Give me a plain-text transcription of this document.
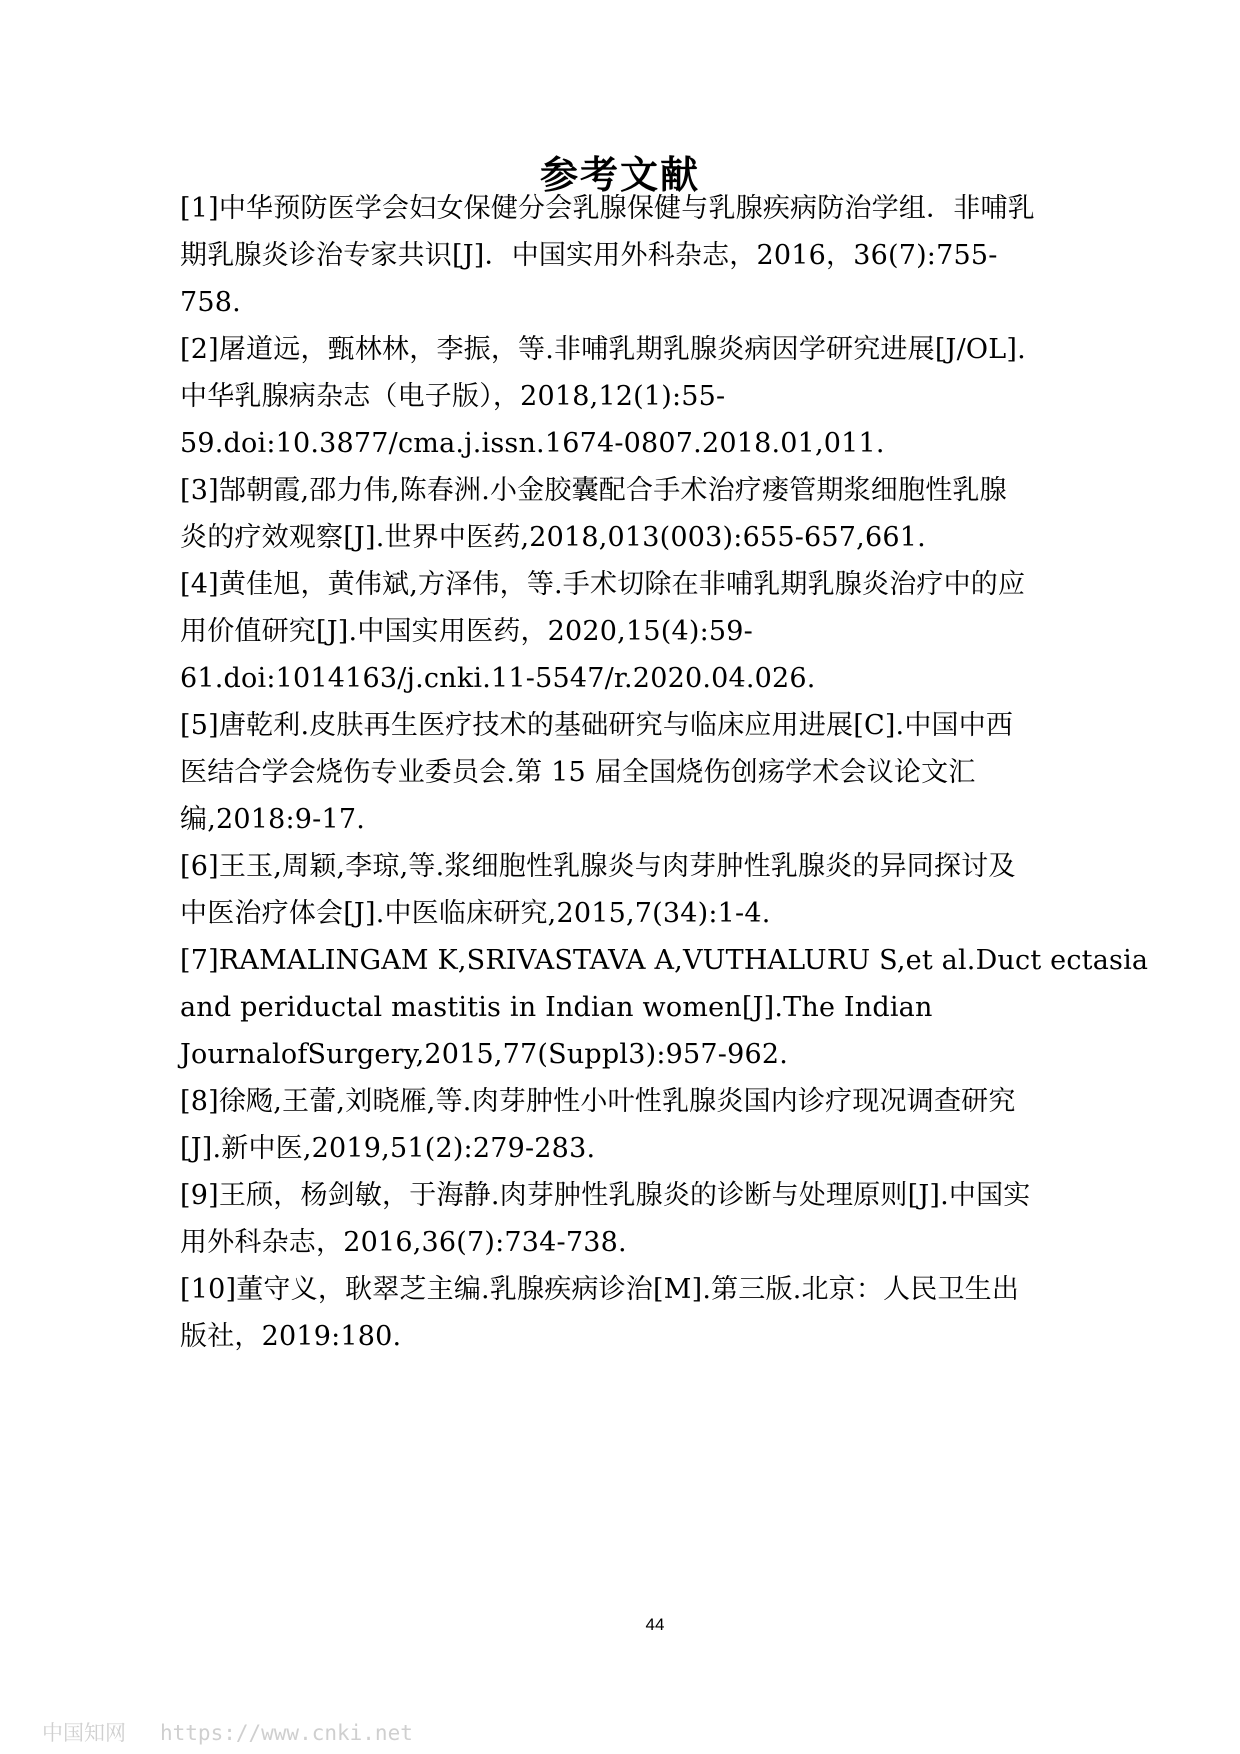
参考文献
[1]中华预防医学会妇女保健分会乳腺保健与乳腺疾病防治学组．非哺乳
期乳腺炎诊治专家共识[J]．中国实用外科杂志，2016，36(7):755-
758.
[2]屠道远，甄林林，李振，等.非哺乳期乳腺炎病因学研究进展[J/OL].
中华乳腺病杂志（电子版），2018,12(1):55-
59.doi:10.3877/cma.j.issn.1674-0807.2018.01,011.
[3]郜朝霞,邵力伟,陈春洲.小金胶囊配合手术治疗瘘管期浆细胞性乳腺
炎的疗效观察[J].世界中医药,2018,013(003):655-657,661.
[4]黄佳旭，黄伟斌,方泽伟，等.手术切除在非哺乳期乳腺炎治疗中的应
用价值研究[J].中国实用医药，2020,15(4):59-
61.doi:1014163/j.cnki.11-5547/r.2020.04.026.
[5]唐乾利.皮肤再生医疗技术的基础研究与临床应用进展[C].中国中西
医结合学会烧伤专业委员会.第 15 届全国烧伤创疡学术会议论文汇
编,2018:9-17.
[6]王玉,周颖,李琼,等.浆细胞性乳腺炎与肉芽肿性乳腺炎的异同探讨及
中医治疗体会[J].中医临床研究,2015,7(34):1-4.
[7]RAMALINGAM K,SRIVASTAVA A,VUTHALURU S,et al.Duct ectasia
and periductal mastitis in Indian women[J].The Indian
JournalofSurgery,2015,77(Suppl3):957-962.
[8]徐飏,王蕾,刘晓雁,等.肉芽肿性小叶性乳腺炎国内诊疗现况调查研究
[J].新中医,2019,51(2):279-283.
[9]王颀，杨剑敏，于海静.肉芽肿性乳腺炎的诊断与处理原则[J].中国实
用外科杂志，2016,36(7):734-738.
[10]董守义，耿翠芝主编.乳腺疾病诊治[M].第三版.北京：人民卫生出
版社，2019:180.
44
中国知网 https://www.cnki.net
